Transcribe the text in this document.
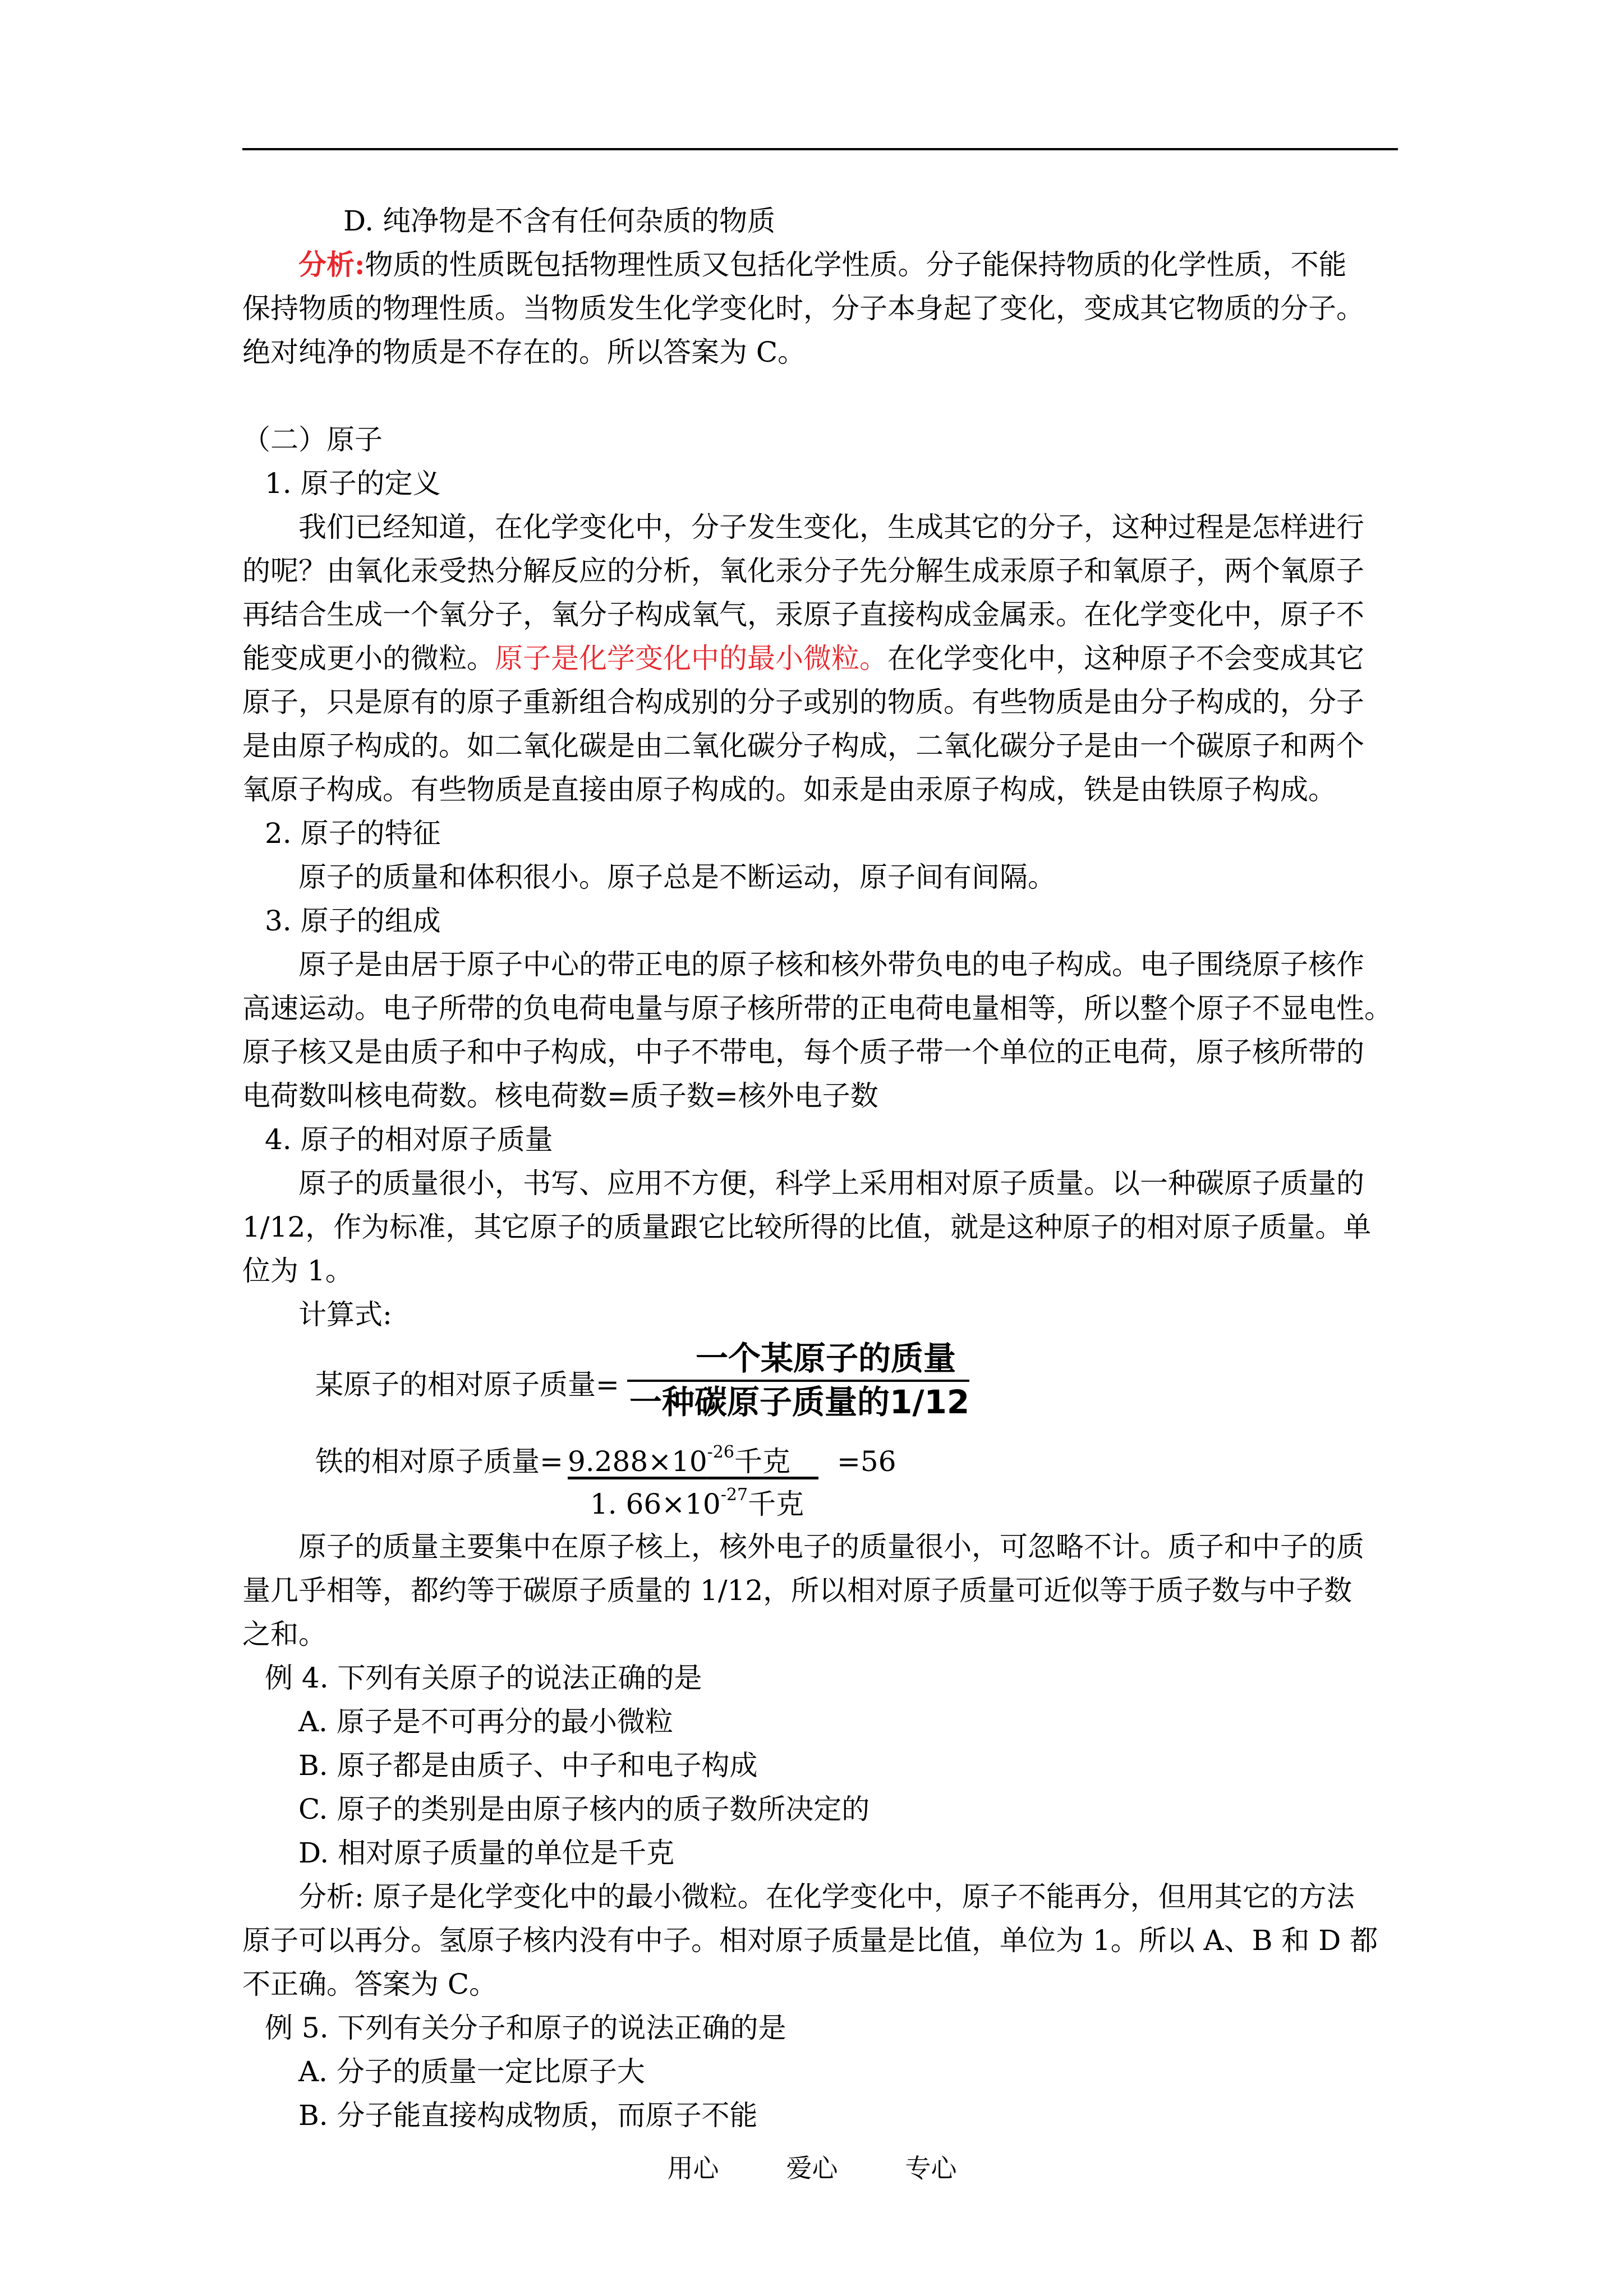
D. 纯净物是不含有任何杂质的物质
分析:物质的性质既包括物理性质又包括化学性质。分子能保持物质的化学性质，不能
保持物质的物理性质。当物质发生化学变化时，分子本身起了变化，变成其它物质的分子。
绝对纯净的物质是不存在的。所以答案为 C。
（二）原子
1. 原子的定义
我们已经知道，在化学变化中，分子发生变化，生成其它的分子，这种过程是怎样进行
的呢？由氧化汞受热分解反应的分析，氧化汞分子先分解生成汞原子和氧原子，两个氧原子
再结合生成一个氧分子，氧分子构成氧气，汞原子直接构成金属汞。在化学变化中，原子不
能变成更小的微粒。原子是化学变化中的最小微粒。在化学变化中，这种原子不会变成其它
原子，只是原有的原子重新组合构成别的分子或别的物质。有些物质是由分子构成的，分子
是由原子构成的。如二氧化碳是由二氧化碳分子构成，二氧化碳分子是由一个碳原子和两个
氧原子构成。有些物质是直接由原子构成的。如汞是由汞原子构成，铁是由铁原子构成。
2. 原子的特征
原子的质量和体积很小。原子总是不断运动，原子间有间隔。
3. 原子的组成
原子是由居于原子中心的带正电的原子核和核外带负电的电子构成。电子围绕原子核作
高速运动。电子所带的负电荷电量与原子核所带的正电荷电量相等，所以整个原子不显电性。
原子核又是由质子和中子构成，中子不带电，每个质子带一个单位的正电荷，原子核所带的
电荷数叫核电荷数。核电荷数=质子数=核外电子数
4. 原子的相对原子质量
原子的质量很小，书写、应用不方便，科学上采用相对原子质量。以一种碳原子质量的
1/12，作为标准，其它原子的质量跟它比较所得的比值，就是这种原子的相对原子质量。单
位为 1。
计算式:
某原子的相对原子质量=
一个某原子的质量
一种碳原子质量的1/12
铁的相对原子质量= $9.288\times 10^{-26}$千克 	=56
1. $66\times 10^{-27}$千克
原子的质量主要集中在原子核上，核外电子的质量很小，可忽略不计。质子和中子的质
量几乎相等，都约等于碳原子质量的 1/12，所以相对原子质量可近似等于质子数与中子数
之和。
例 4. 下列有关原子的说法正确的是
A. 原子是不可再分的最小微粒
B. 原子都是由质子、中子和电子构成
C. 原子的类别是由原子核内的质子数所决定的
D. 相对原子质量的单位是千克
分析: 原子是化学变化中的最小微粒。在化学变化中，原子不能再分，但用其它的方法
原子可以再分。氢原子核内没有中子。相对原子质量是比值，单位为 1。所以 A、B 和 D 都
不正确。答案为 C。
例 5. 下列有关分子和原子的说法正确的是
A. 分子的质量一定比原子大
B. 分子能直接构成物质，而原子不能
用心	爱心	专心
